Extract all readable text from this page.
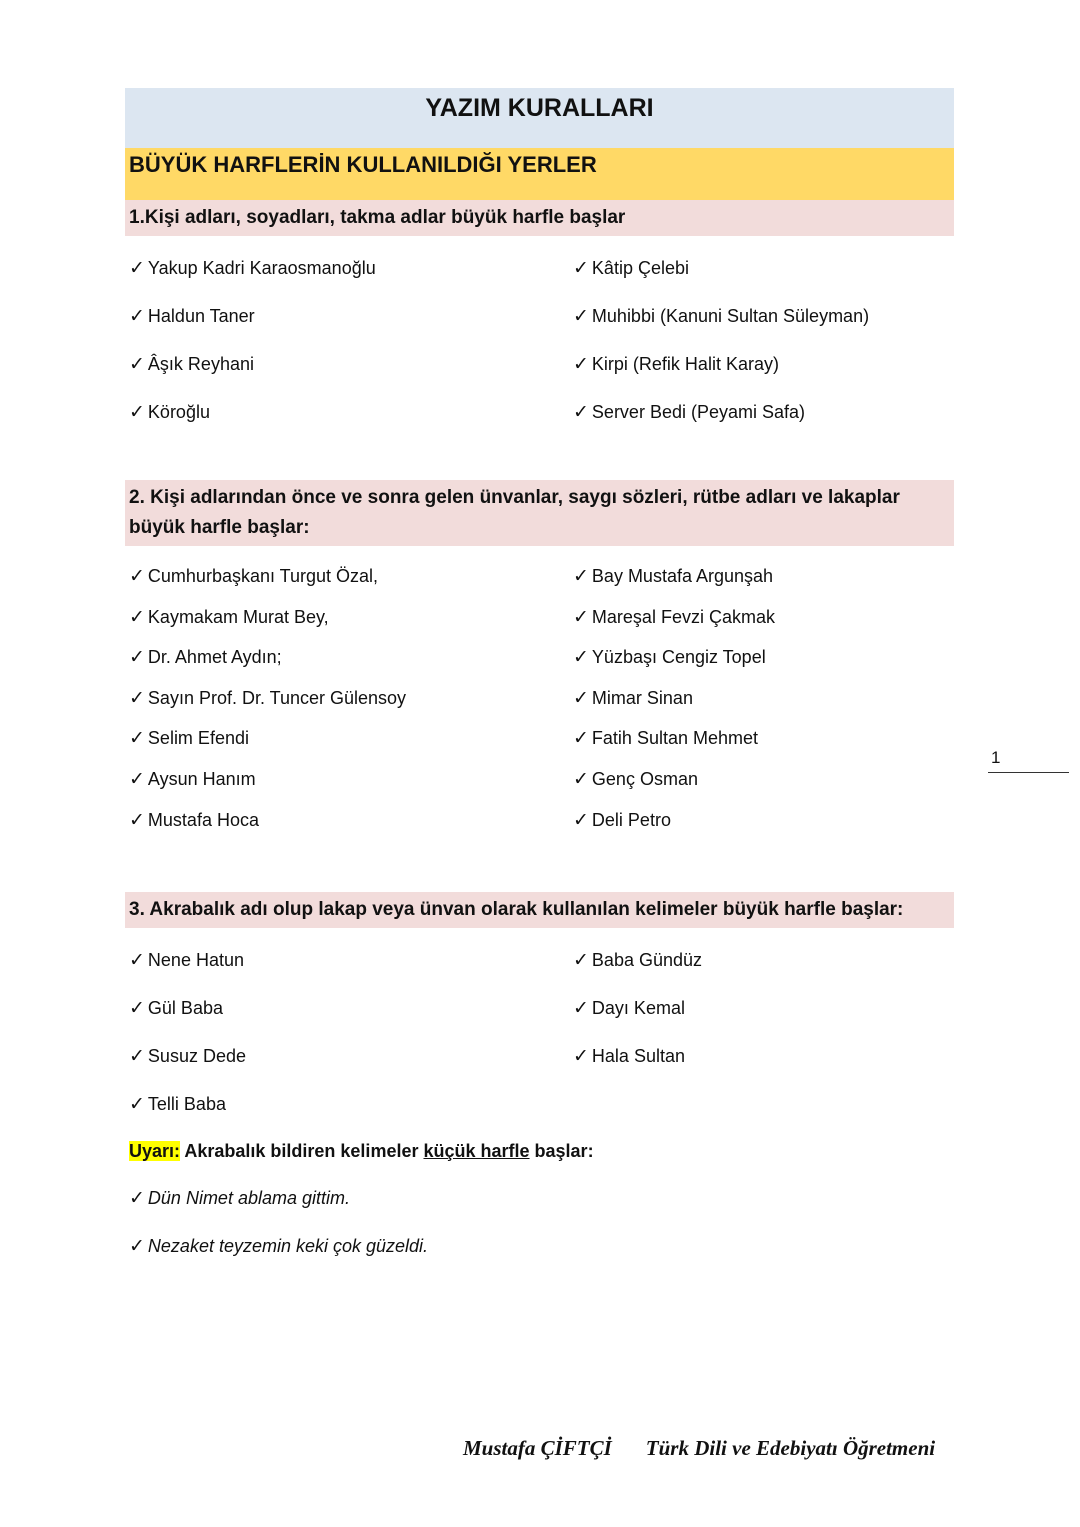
YAZIM KURALLARI
BÜYÜK HARFLERİN KULLANILDIĞI YERLER
1.Kişi adları, soyadları, takma adlar büyük harfle başlar
✓ Yakup Kadri Karaosmanoğlu	✓ Kâtip Çelebi
✓ Haldun Taner	✓ Muhibbi (Kanuni Sultan Süleyman)
✓ Âşık Reyhani	✓ Kirpi (Refik Halit Karay)
✓ Köroğlu	✓ Server Bedi (Peyami Safa)
2. Kişi adlarından önce ve sonra gelen ünvanlar, saygı sözleri, rütbe adları ve lakaplar büyük harfle başlar:
✓ Cumhurbaşkanı Turgut Özal,	✓ Bay Mustafa Argunşah
✓ Kaymakam Murat Bey,	✓ Mareşal Fevzi Çakmak
✓ Dr. Ahmet Aydın;	✓ Yüzbaşı Cengiz Topel
✓ Sayın Prof. Dr. Tuncer Gülensoy	✓ Mimar Sinan
✓ Selim Efendi	✓ Fatih Sultan Mehmet
✓ Aysun Hanım	✓ Genç Osman
✓ Mustafa Hoca	✓ Deli Petro
3. Akrabalık adı olup lakap veya ünvan olarak kullanılan kelimeler büyük harfle başlar:
✓ Nene Hatun	✓ Baba Gündüz
✓ Gül Baba	✓ Dayı Kemal
✓ Susuz Dede	✓ Hala Sultan
✓ Telli Baba
Uyarı: Akrabalık bildiren kelimeler küçük harfle başlar:
✓ Dün Nimet ablama gittim.
✓ Nezaket teyzemin keki çok güzeldi.
1
Mustafa ÇİFTÇİ Türk Dili ve Edebiyatı Öğretmeni
